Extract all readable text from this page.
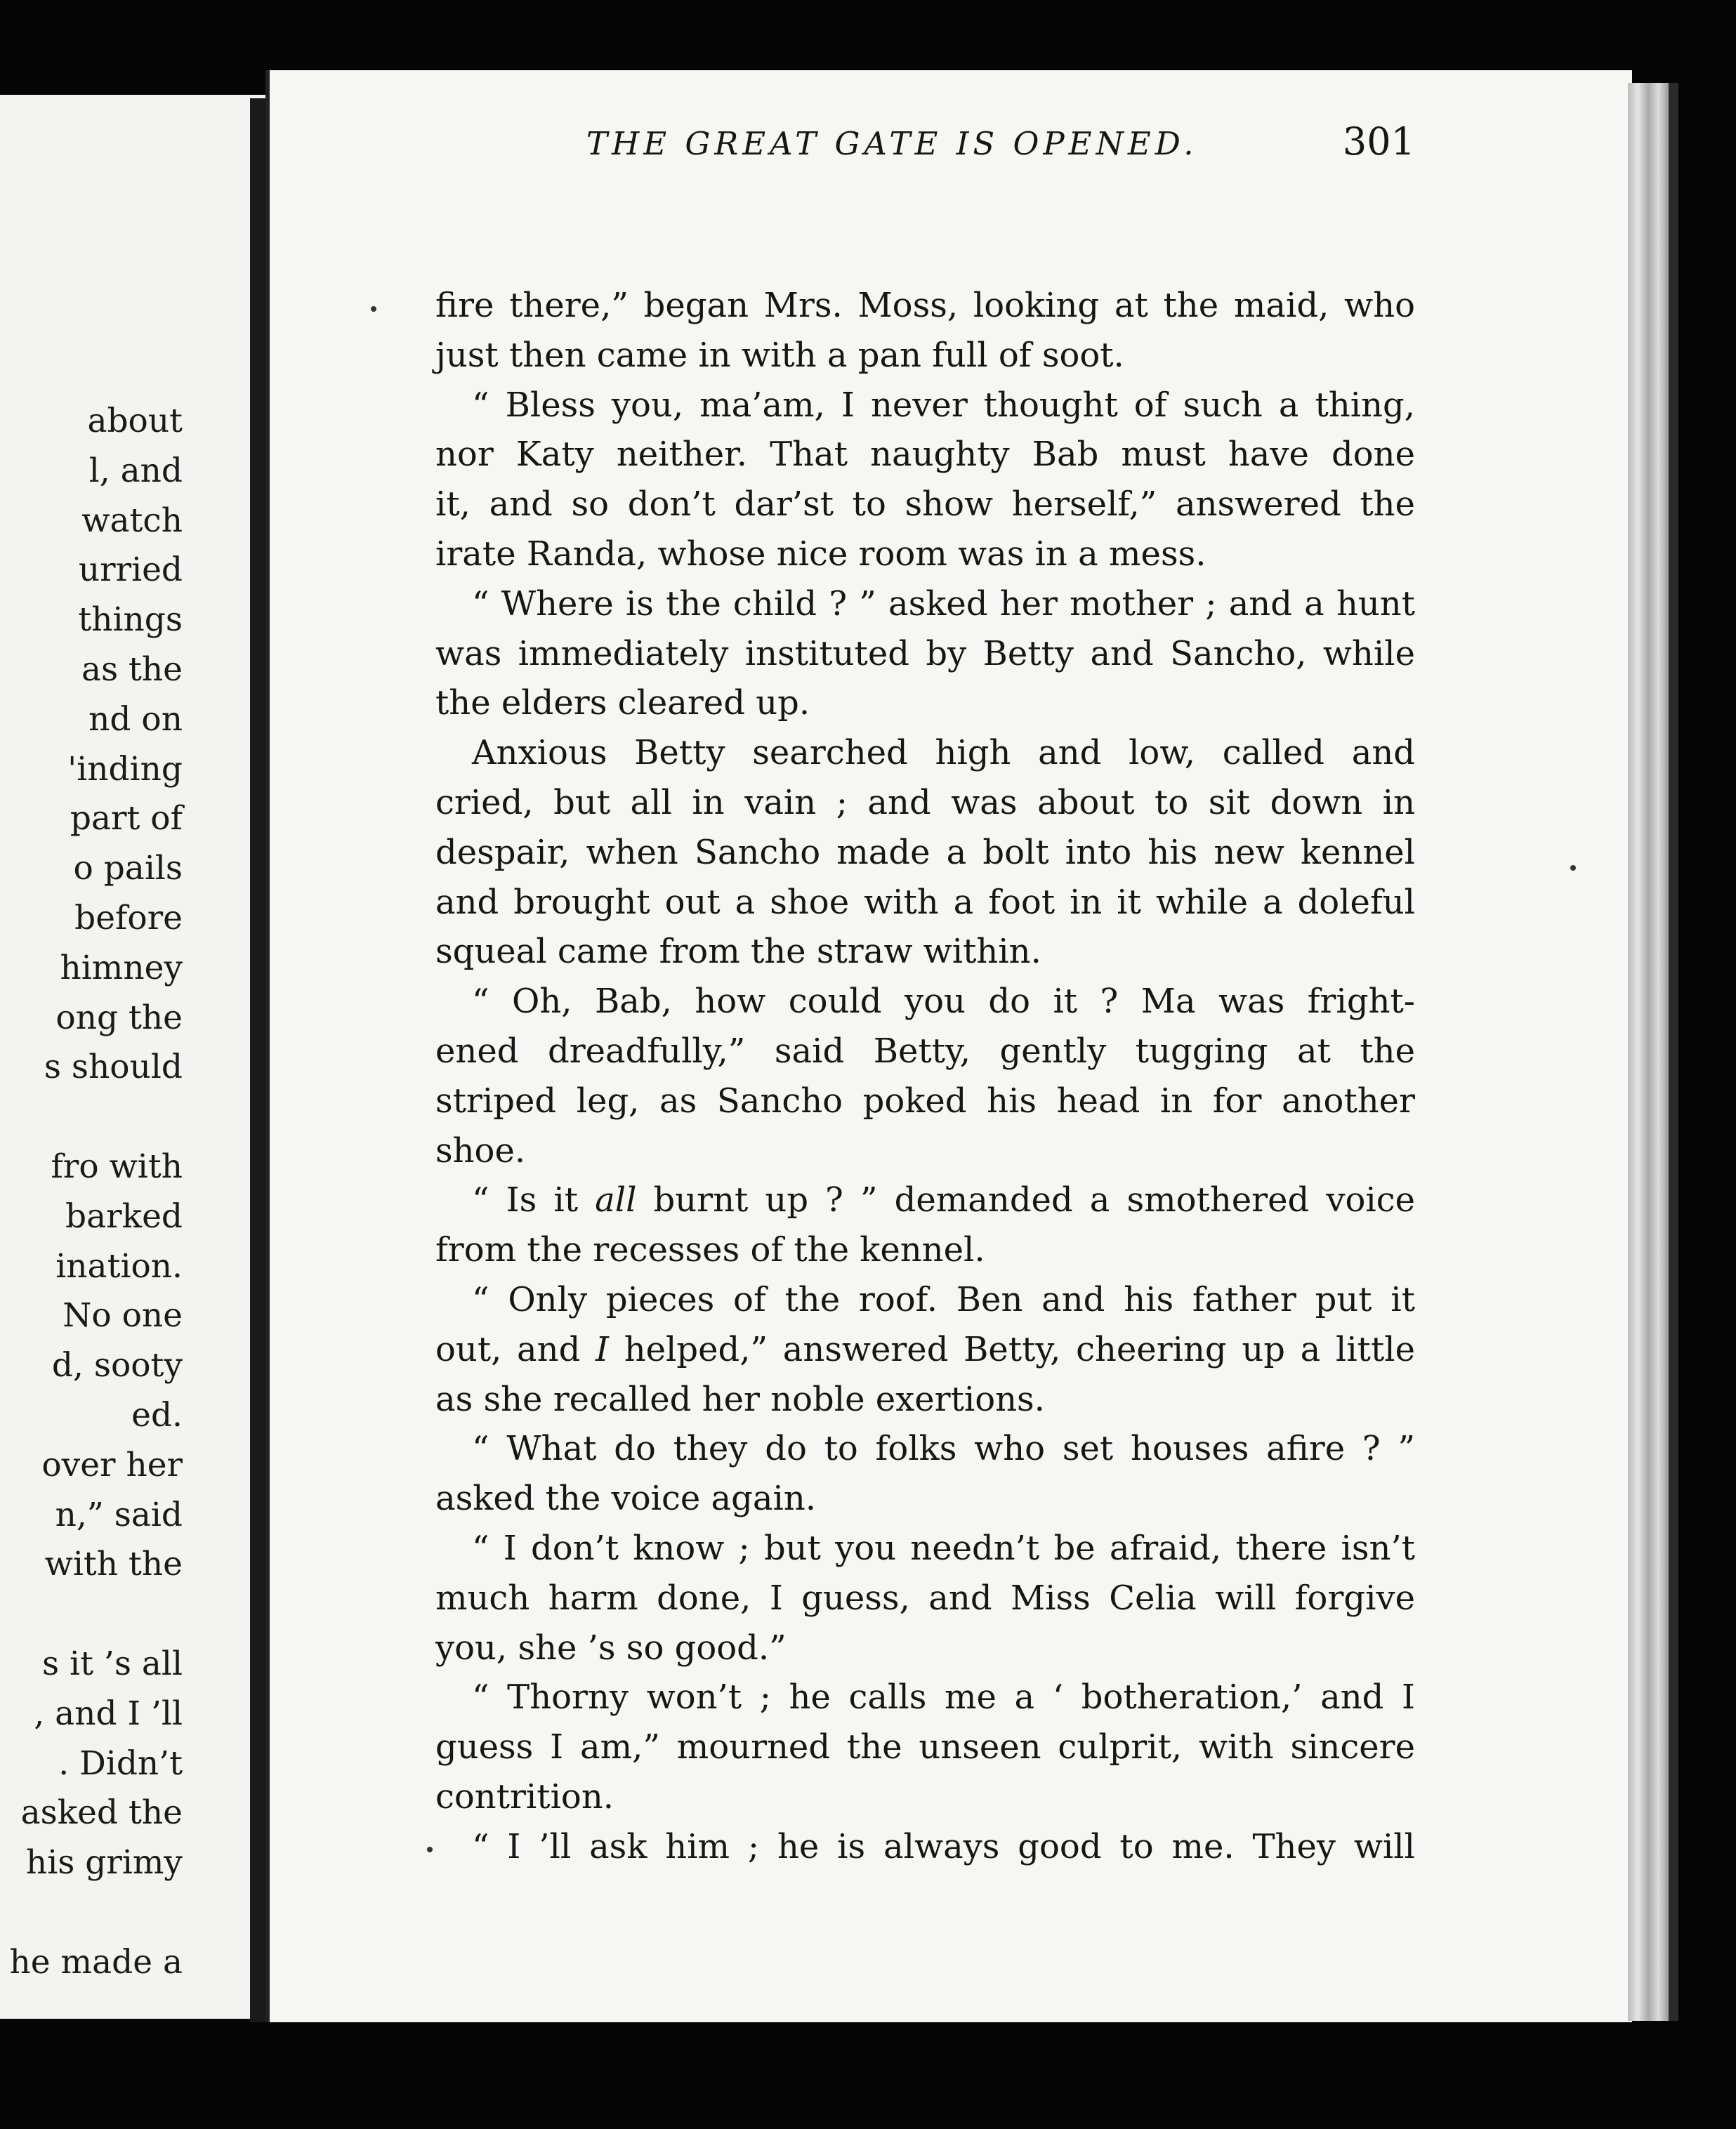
about
l, and
watch
urried
things
as the
nd on
'inding
part of
o pails
before
himney
ong the
s should
fro with
barked
ination.
No one
d, sooty
ed.
over her
n,” said
with the
s it ’s all
, and I ’ll
. Didn’t
asked the
his grimy
he made a
THE GREAT GATE IS OPENED.	301
fire there,” began Mrs. Moss, looking at the maid, who
just then came in with a pan full of soot.
“ Bless you, ma’am, I never thought of such a thing,
nor Katy neither. That naughty Bab must have done
it, and so don’t dar’st to show herself,” answered the
irate Randa, whose nice room was in a mess.
“ Where is the child ? ” asked her mother ; and a hunt
was immediately instituted by Betty and Sancho, while
the elders cleared up.
Anxious Betty searched high and low, called and
cried, but all in vain ; and was about to sit down in
despair, when Sancho made a bolt into his new kennel
and brought out a shoe with a foot in it while a doleful
squeal came from the straw within.
“ Oh, Bab, how could you do it ? Ma was fright-
ened dreadfully,” said Betty, gently tugging at the
striped leg, as Sancho poked his head in for another
shoe.
“ Is it all burnt up ? ” demanded a smothered voice
from the recesses of the kennel.
“ Only pieces of the roof. Ben and his father put it
out, and I helped,” answered Betty, cheering up a little
as she recalled her noble exertions.
“ What do they do to folks who set houses afire ? ”
asked the voice again.
“ I don’t know ; but you needn’t be afraid, there isn’t
much harm done, I guess, and Miss Celia will forgive
you, she ’s so good.”
“ Thorny won’t ; he calls me a ‘ botheration,’ and I
guess I am,” mourned the unseen culprit, with sincere
contrition.
“ I ’ll ask him ; he is always good to me. They will
